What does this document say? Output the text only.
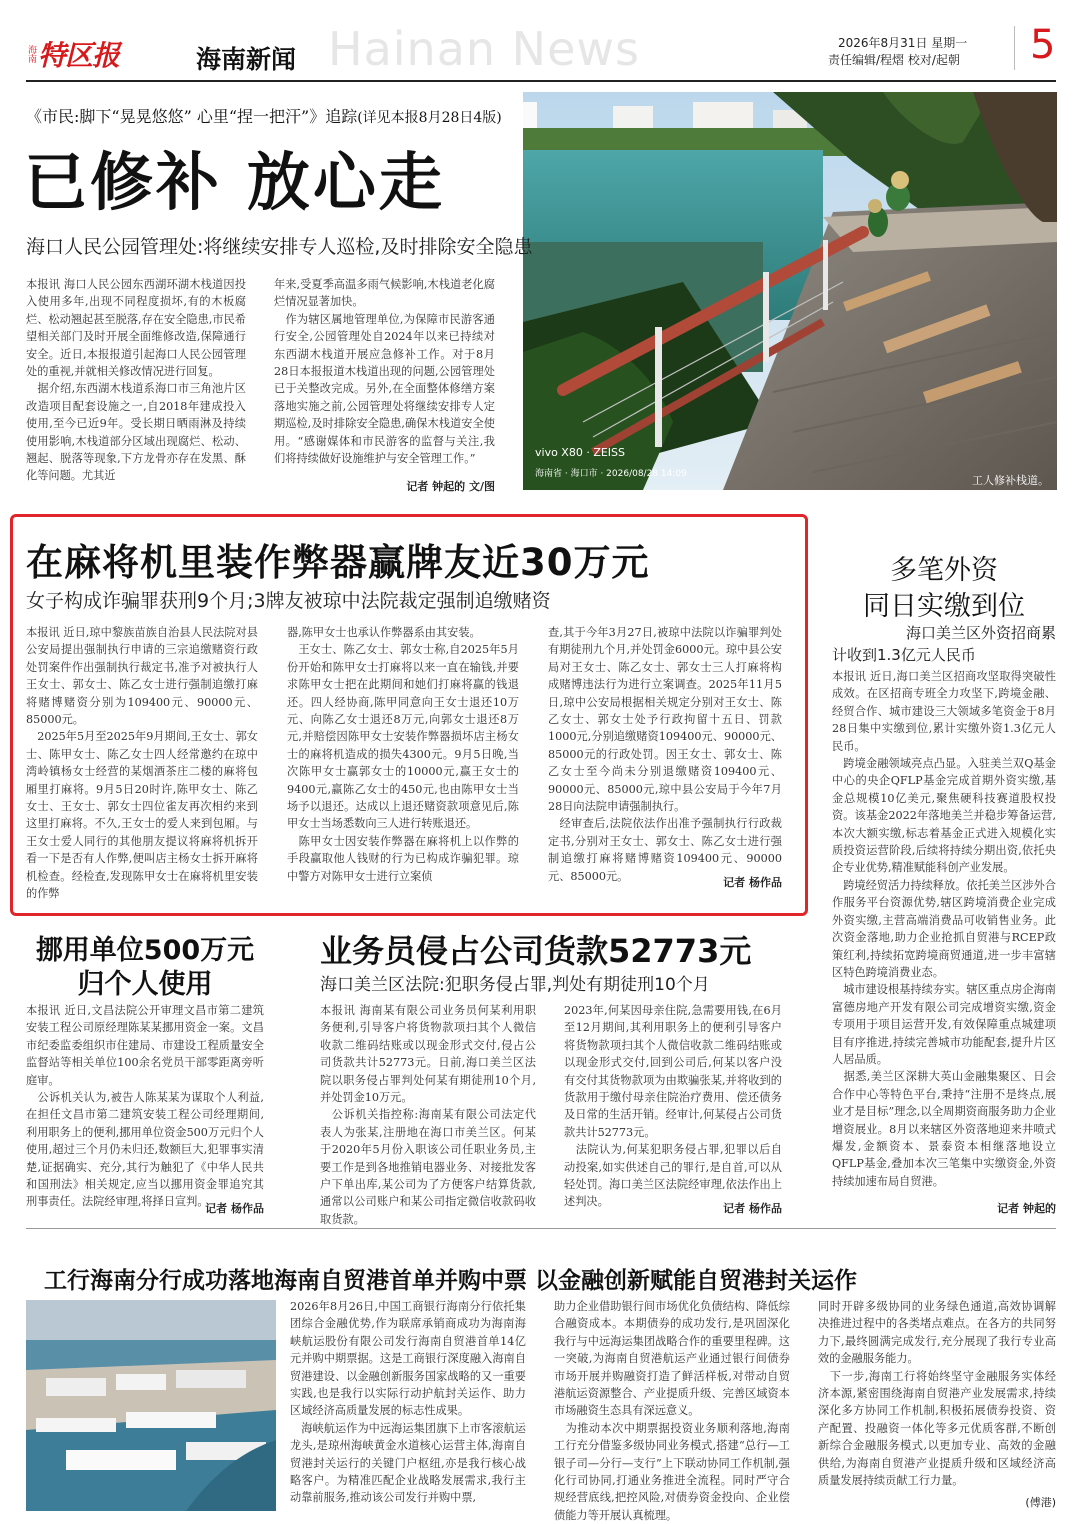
海南 特区报	海南新闻 Hainan News	2026年8月31日 星期一
责任编辑/程熠 校对/起朝 5
vivo X80 · ZEISS
海南省 · 海口市 · 2026/08/28 14:09	工人修补栈道。
《市民:脚下“晃晃悠悠” 心里“捏一把汗”》追踪(详见本报8月28日4版)
已修补 放心走
海口人民公园管理处:将继续安排专人巡检,及时排除安全隐患
本报讯 海口人民公园东西湖环湖木栈道因投入使用多年,出现不同程度损坏,有的木板腐烂、松动翘起甚至脱落,存在安全隐患,市民希望相关部门及时开展全面维修改造,保障通行安全。近日,本报报道引起海口人民公园管理处的重视,并就相关修改情况进行回复。
　据介绍,东西湖木栈道系海口市三角池片区改造项目配套设施之一,自2018年建成投入使用,至今已近9年。受长期日晒雨淋及持续使用影响,木栈道部分区域出现腐烂、松动、翘起、脱落等现象,下方龙骨亦存在发黑、酥化等问题。尤其近
年来,受夏季高温多雨气候影响,木栈道老化腐烂情况显著加快。
　作为辖区属地管理单位,为保障市民游客通行安全,公园管理处自2024年以来已持续对东西湖木栈道开展应急修补工作。对于8月28日本报报道木栈道出现的问题,公园管理处已于关整改完成。另外,在全面整体修缮方案落地实施之前,公园管理处将继续安排专人定期巡检,及时排除安全隐患,确保木栈道安全使用。“感谢媒体和市民游客的监督与关注,我们将持续做好设施维护与安全管理工作。”
记者 钟起的 文/图
在麻将机里装作弊器赢牌友近30万元
女子构成诈骗罪获刑9个月;3牌友被琼中法院裁定强制追缴赌资
本报讯 近日,琼中黎族苗族自治县人民法院对县公安局提出强制执行申请的三宗追缴赌资行政处罚案件作出强制执行裁定书,准予对被执行人王女士、郭女士、陈乙女士进行强制追缴打麻将赌博赌资分别为109400元、90000元、85000元。
　2025年5月至2025年9月期间,王女士、郭女士、陈甲女士、陈乙女士四人经常邀约在琼中湾岭镇杨女士经营的某烟酒茶庄二楼的麻将包厢里打麻将。9月5日20时许,陈甲女士、陈乙女士、王女士、郭女士四位雀友再次相约来到这里打麻将。不久,王女士的爱人来到包厢。与王女士爱人同行的其他朋友提议将麻将机拆开看一下是否有人作弊,便叫店主杨女士拆开麻将机检查。经检查,发现陈甲女士在麻将机里安装的作弊
器,陈甲女士也承认作弊器系由其安装。
　王女士、陈乙女士、郭女士称,自2025年5月份开始和陈甲女士打麻将以来一直在输钱,并要求陈甲女士把在此期间和她们打麻将赢的钱退还。四人经协商,陈甲同意向王女士退还10万元、向陈乙女士退还8万元,向郭女士退还8万元,并赔偿因陈甲女士安装作弊器损坏店主杨女士的麻将机造成的损失4300元。9月5日晚,当次陈甲女士赢郭女士的10000元,赢王女士的9400元,赢陈乙女士的450元,也由陈甲女士当场予以退还。达成以上退还赌资款项意见后,陈甲女士当场悉数向三人进行转账退还。
　陈甲女士因安装作弊器在麻将机上以作弊的手段赢取他人钱财的行为已构成诈骗犯罪。琼中警方对陈甲女士进行立案侦
查,其于今年3月27日,被琼中法院以诈骗罪判处有期徒刑九个月,并处罚金6000元。琼中县公安局对王女士、陈乙女士、郭女士三人打麻将构成赌博违法行为进行立案调查。2025年11月5日,琼中公安局根据相关规定分别对王女士、陈乙女士、郭女士处予行政拘留十五日、罚款1000元,分别追缴赌资109400元、90000元、85000元的行政处罚。因王女士、郭女士、陈乙女士至今尚未分别退缴赌资109400元、90000元、85000元,琼中县公安局于今年7月28日向法院申请强制执行。
　经审查后,法院依法作出准予强制执行行政裁定书,分别对王女士、郭女士、陈乙女士进行强制追缴打麻将赌博赌资109400元、90000元、85000元。	记者 杨作品
挪用单位500万元
归个人使用
本报讯 近日,文昌法院公开审理文昌市第二建筑安装工程公司原经理陈某某挪用资金一案。文昌市纪委监委组织市住建局、市建设工程质量安全监督站等相关单位100余名党员干部零距离旁听庭审。
　公诉机关认为,被告人陈某某为谋取个人利益,在担任文昌市第二建筑安装工程公司经理期间,利用职务上的便利,挪用单位资金500万元归个人使用,超过三个月仍未归还,数额巨大,犯罪事实清楚,证据确实、充分,其行为触犯了《中华人民共和国刑法》相关规定,应当以挪用资金罪追究其刑事责任。法院经审理,将择日宣判。
记者 杨作品
业务员侵占公司货款52773元
海口美兰区法院:犯职务侵占罪,判处有期徒刑10个月
本报讯 海南某有限公司业务员何某利用职务便利,引导客户将货物款项扫其个人微信收款二维码结账或以现金形式交付,侵占公司货款共计52773元。日前,海口美兰区法院以职务侵占罪判处何某有期徒刑10个月,并处罚金10万元。
　公诉机关指控称:海南某有限公司法定代表人为张某,注册地在海口市美兰区。何某于2020年5月份入职该公司任职业务员,主要工作是到各地推销电器业务、对接批发客户下单出库,某公司为了方便客户结算货款,通常以公司账户和某公司指定微信收款码收取货款。
2023年,何某因母亲住院,急需要用钱,在6月至12月期间,其利用职务上的便利引导客户将货物款项扫其个人微信收款二维码结账或以现金形式交付,回到公司后,何某以客户没有交付其货物款项为由欺骗张某,并将收到的货款用于缴付母亲住院治疗费用、偿还债务及日常的生活开销。经审计,何某侵占公司货款共计52773元。
　法院认为,何某犯职务侵占罪,犯罪以后自动投案,如实供述自己的罪行,是自首,可以从轻处罚。海口美兰区法院经审理,依法作出上述判决。
记者 杨作品
多笔外资
同日实缴到位
海口美兰区外资招商累
计收到1.3亿元人民币
本报讯 近日,海口美兰区招商攻坚取得突破性成效。在区招商专班全力攻坚下,跨境金融、经贸合作、城市建设三大领域多笔资金于8月28日集中实缴到位,累计实缴外资1.3亿元人民币。
　跨境金融领域亮点凸显。入驻美兰双Q基金中心的央企QFLP基金完成首期外资实缴,基金总规模10亿美元,聚焦硬科技赛道股权投资。该基金2022年落地美兰并稳步筹备运营,本次大额实缴,标志着基金正式进入规模化实质投资运营阶段,后续将持续分期出资,依托央企专业优势,精准赋能科创产业发展。
　跨境经贸活力持续释放。依托美兰区涉外合作服务平台资源优势,辖区跨境消费企业完成外资实缴,主营高端消费品可收销售业务。此次资金落地,助力企业抢抓自贸港与RCEP政策红利,持续拓宽跨境商贸通道,进一步丰富辖区特色跨境消费业态。
　城市建设根基持续夯实。辖区重点房企海南富德房地产开发有限公司完成增资实缴,资金专项用于项目运营开发,有效保障重点城建项目有序推进,持续完善城市功能配套,提升片区人居品质。
　据悉,美兰区深耕大英山金融集聚区、日会合作中心等特色平台,秉持“注册不是终点,展业才是目标”理念,以全周期资商服务助力企业增资展业。8月以来辖区外资落地迎来井喷式爆发,金额资本、景泰资本相继落地设立QFLP基金,叠加本次三笔集中实缴资金,外资持续加速布局自贸港。
记者 钟起的
工行海南分行成功落地海南自贸港首单并购中票 以金融创新赋能自贸港封关运作
2026年8月26日,中国工商银行海南分行依托集团综合金融优势,作为联席承销商成功为海南海峡航运股份有限公司发行海南自贸港首单14亿元并购中期票据。这是工商银行深度融入海南自贸港建设、以金融创新服务国家战略的又一重要实践,也是我行以实际行动护航封关运作、助力区域经济高质量发展的标志性成果。
　海峡航运作为中远海运集团旗下上市客滚航运龙头,是琼州海峡黄金水道核心运营主体,海南自贸港封关运行的关键门户枢纽,亦是我行核心战略客户。为精准匹配企业战略发展需求,我行主动靠前服务,推动该公司发行并购中票,
助力企业借助银行间市场优化负债结构、降低综合融资成本。本期债券的成功发行,是巩固深化我行与中远海运集团战略合作的重要里程碑。这一突破,为海南自贸港航运产业通过银行间债券市场开展并购融资打造了鲜活样板,对带动自贸港航运资源整合、产业提质升级、完善区域资本市场融资生态具有深远意义。
　为推动本次中期票据投资业务顺利落地,海南工行充分借鉴多级协同业务模式,搭建“总行—工银子司—分行—支行”上下联动协同工作机制,强化行司协同,打通业务推进全流程。同时严守合规经营底线,把控风险,对债券资金投向、企业偿债能力等开展认真梳理。
同时开辟多级协同的业务绿色通道,高效协调解决推进过程中的各类堵点难点。在各方的共同努力下,最终圆满完成发行,充分展现了我行专业高效的金融服务能力。
　下一步,海南工行将始终坚守金融服务实体经济本源,紧密围绕海南自贸港产业发展需求,持续深化多方协同工作机制,积极拓展债券投资、资产配置、投融资一体化等多元优质客群,不断创新综合金融服务模式,以更加专业、高效的金融供给,为海南自贸港产业提质升级和区域经济高质量发展持续贡献工行力量。
(傅港)
